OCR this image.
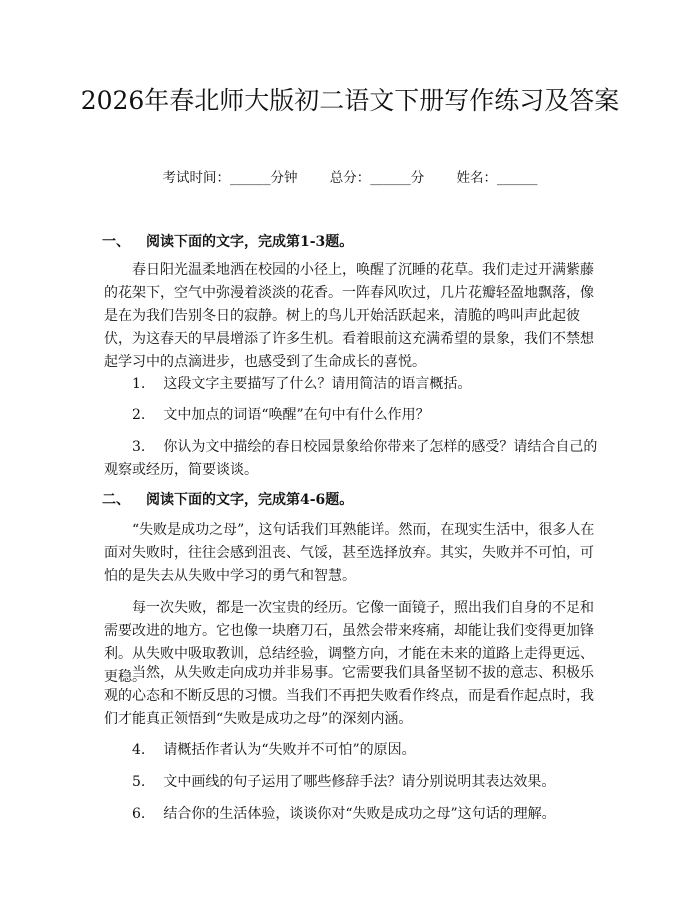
2026年春北师大版初二语文下册写作练习及答案
考试时间：______分钟 总分：______分 姓名：______
一、 阅读下面的文字，完成第1-3题。

春日阳光温柔地洒在校园的小径上，唤醒了沉睡的花草。我们走过开满紫藤的花架下，空气中弥漫着淡淡的花香。一阵春风吹过，几片花瓣轻盈地飘落，像是在为我们告别冬日的寂静。树上的鸟儿开始活跃起来，清脆的鸣叫声此起彼伏，为这春天的早晨增添了许多生机。看着眼前这充满希望的景象，我们不禁想起学习中的点滴进步，也感受到了生命成长的喜悦。

1. 这段文字主要描写了什么？请用简洁的语言概括。

2. 文中加点的词语“唤醒”在句中有什么作用？

3. 你认为文中描绘的春日校园景象给你带来了怎样的感受？请结合自己的观察或经历，简要谈谈。

二、 阅读下面的文字，完成第4-6题。

“失败是成功之母”，这句话我们耳熟能详。然而，在现实生活中，很多人在面对失败时，往往会感到沮丧、气馁，甚至选择放弃。其实，失败并不可怕，可怕的是失去从失败中学习的勇气和智慧。

每一次失败，都是一次宝贵的经历。它像一面镜子，照出我们自身的不足和需要改进的地方。它也像一块磨刀石，虽然会带来疼痛，却能让我们变得更加锋利。从失败中吸取教训，总结经验，调整方向，才能在未来的道路上走得更远、更稳。

当然，从失败走向成功并非易事。它需要我们具备坚韧不拔的意志、积极乐观的心态和不断反思的习惯。当我们不再把失败看作终点，而是看作起点时，我们才能真正领悟到“失败是成功之母”的深刻内涵。

4. 请概括作者认为“失败并不可怕”的原因。

5. 文中画线的句子运用了哪些修辞手法？请分别说明其表达效果。

6. 结合你的生活体验，谈谈你对“失败是成功之母”这句话的理解。
